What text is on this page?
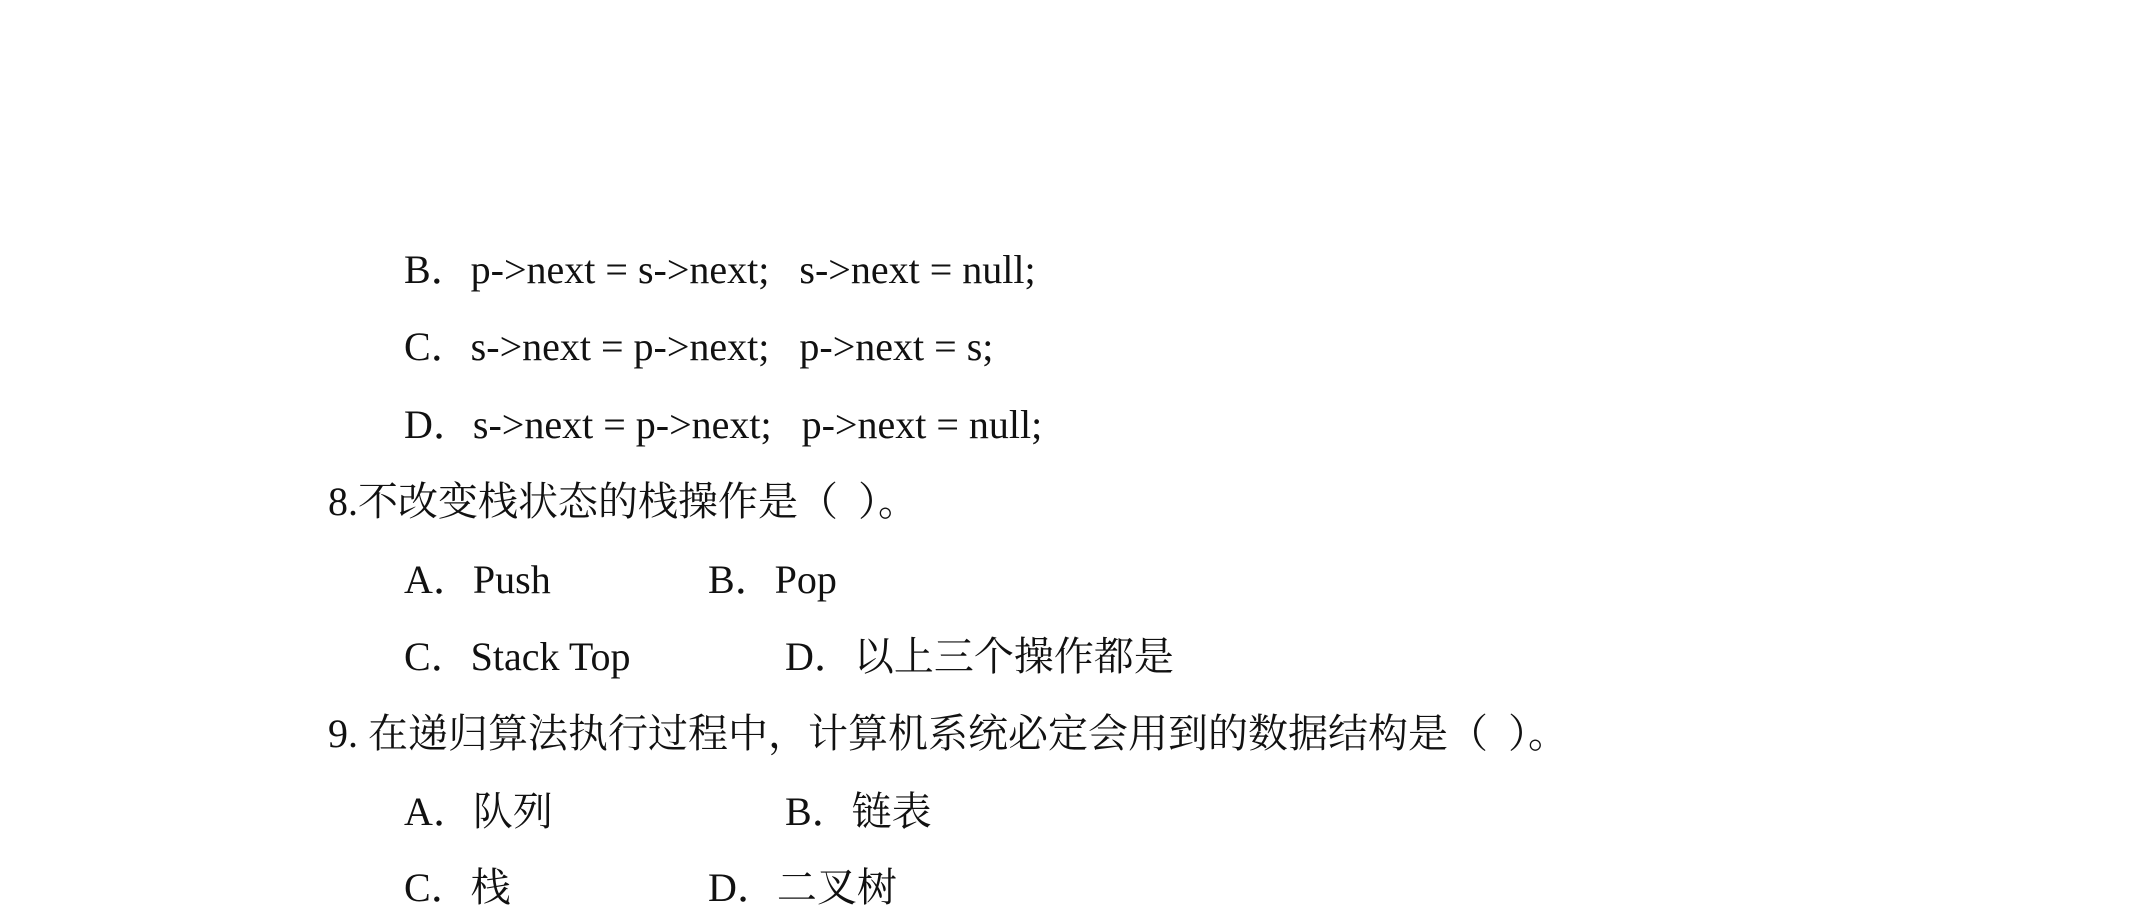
B．p->next = s->next;   s->next = null;
C．s->next = p->next;   p->next = s;
D．s->next = p->next;   p->next = null;
8.不改变栈状态的栈操作是（  ）。
A．Push	B．Pop
C．Stack Top	D．以上三个操作都是
9. 在递归算法执行过程中，计算机系统必定会用到的数据结构是（  ）。
A．队列	B．链表
C．栈	D．二叉树
